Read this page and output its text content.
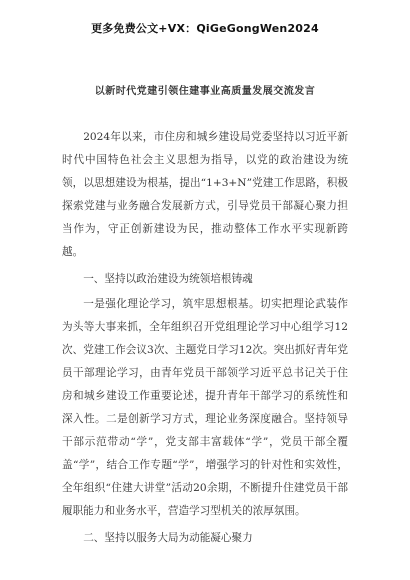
更多免费公文+VX：QiGeGongWen2024
以新时代党建引领住建事业高质量发展交流发言

2024年以来，市住房和城乡建设局党委坚持以习近平新时代中国特色社会主义思想为指导，以党的政治建设为统领，以思想建设为根基，提出“1+3+N”党建工作思路，积极探索党建与业务融合发展新方式，引导党员干部凝心聚力担当作为，守正创新建设为民，推动整体工作水平实现新跨越。

一、坚持以政治建设为统领培根铸魂

一是强化理论学习，筑牢思想根基。切实把理论武装作为头等大事来抓，全年组织召开党组理论学习中心组学习12次、党建工作会议3次、主题党日学习12次。突出抓好青年党员干部理论学习，由青年党员干部领学习近平总书记关于住房和城乡建设工作重要论述，提升青年干部学习的系统性和深入性。二是创新学习方式，理论业务深度融合。坚持领导干部示范带动“学”，党支部丰富载体“学”，党员干部全覆盖“学”，结合工作专题“学”，增强学习的针对性和实效性，全年组织“住建大讲堂”活动20余期，不断提升住建党员干部履职能力和业务水平，营造学习型机关的浓厚氛围。

二、坚持以服务大局为动能凝心聚力
